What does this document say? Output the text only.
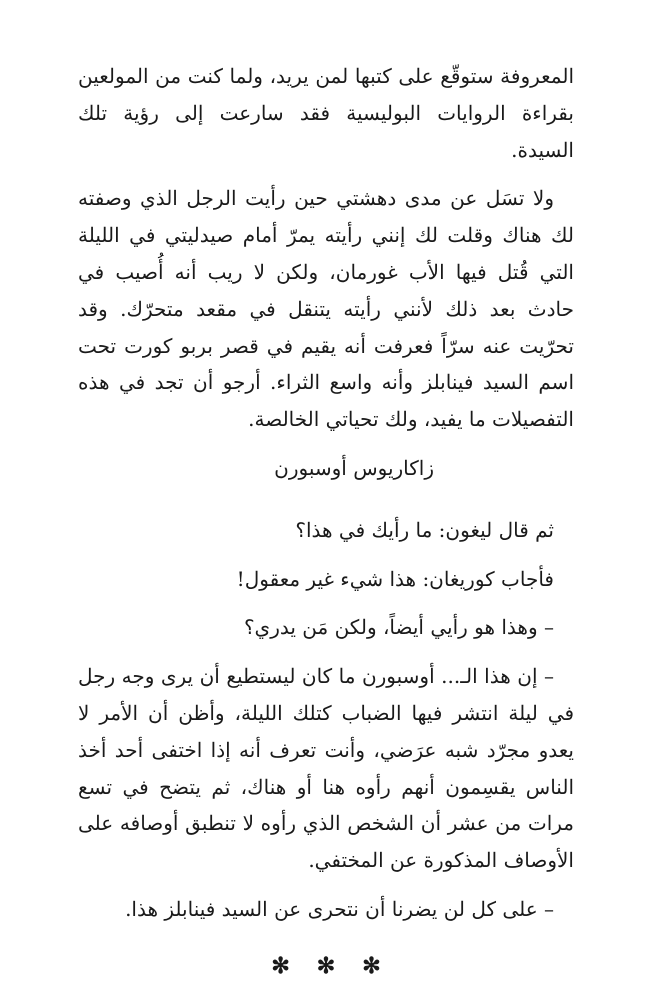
المعروفة ستوقّع على كتبها لمن يريد، ولما كنت من المولعين بقراءة الروايات البوليسية فقد سارعت إلى رؤية تلك السيدة.

ولا تسَل عن مدى دهشتي حين رأيت الرجل الذي وصفته لك هناك وقلت لك إنني رأيته يمرّ أمام صيدليتي في الليلة التي قُتل فيها الأب غورمان، ولكن لا ريب أنه أُصيب في حادث بعد ذلك لأنني رأيته يتنقل في مقعد متحرّك. وقد تحرّيت عنه سرّاً فعرفت أنه يقيم في قصر بربو كورت تحت اسم السيد فينابلز وأنه واسع الثراء. أرجو أن تجد في هذه التفصيلات ما يفيد، ولك تحياتي الخالصة.

زاكاريوس أوسبورن

ثم قال ليغون: ما رأيك في هذا؟

فأجاب كوريغان: هذا شيء غير معقول!

– وهذا هو رأيي أيضاً، ولكن مَن يدري؟

– إن هذا الـ... أوسبورن ما كان ليستطيع أن يرى وجه رجل في ليلة انتشر فيها الضباب كتلك الليلة، وأظن أن الأمر لا يعدو مجرّد شبه عرَضي، وأنت تعرف أنه إذا اختفى أحد أخذ الناس يقسِمون أنهم رأوه هنا أو هناك، ثم يتضح في تسع مرات من عشر أن الشخص الذي رأوه لا تنطبق أوصافه على الأوصاف المذكورة عن المختفي.

– على كل لن يضرنا أن نتحرى عن السيد فينابلز هذا.

✻ ✻ ✻
